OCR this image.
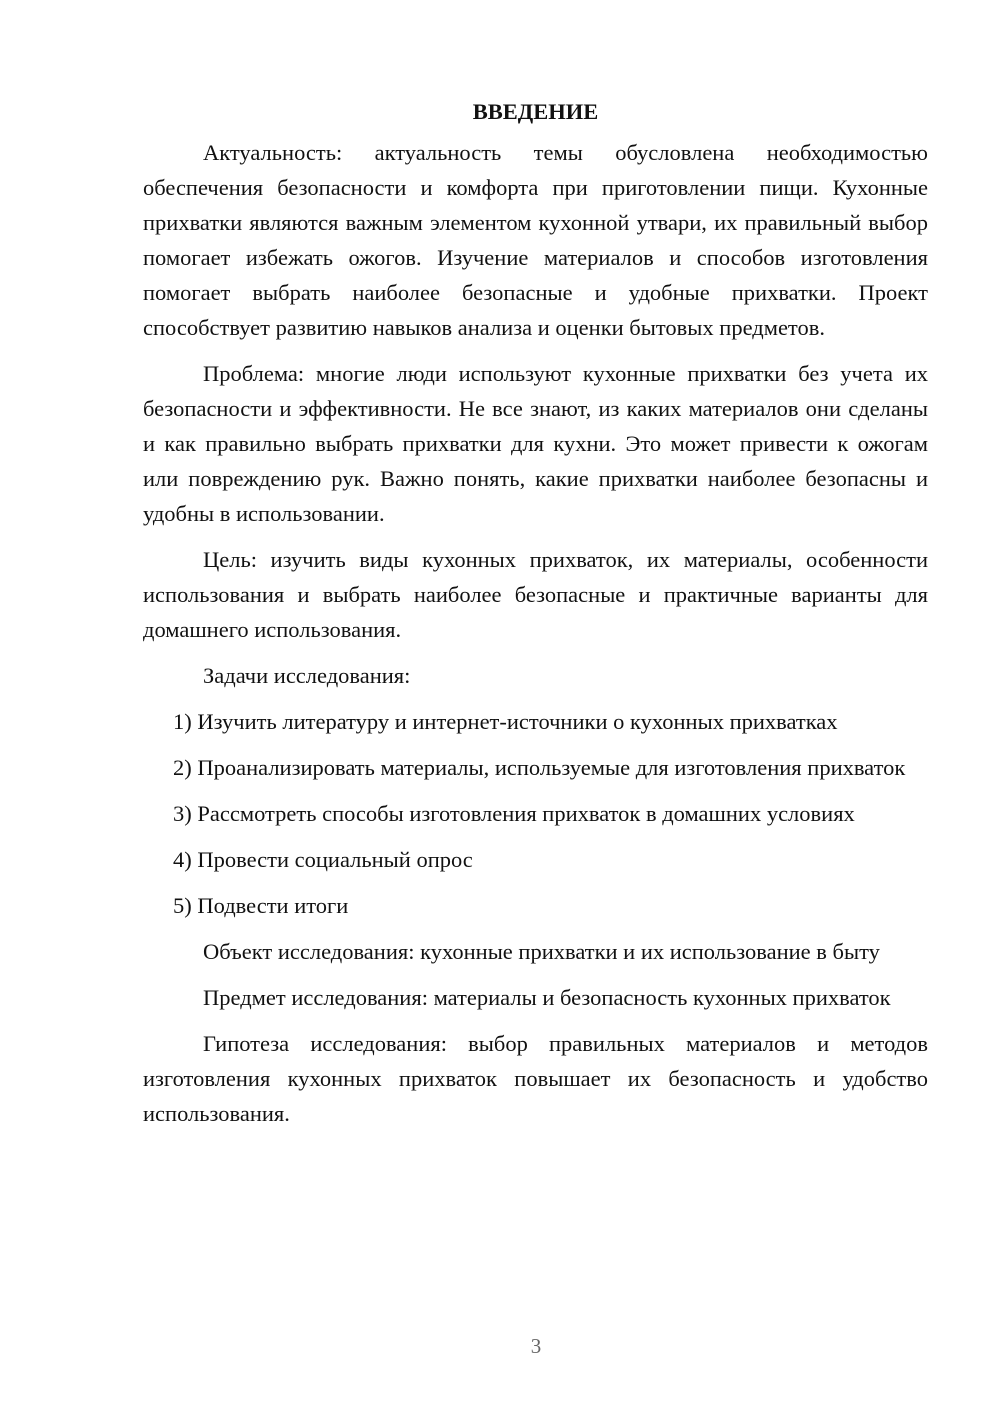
ВВЕДЕНИЕ

Актуальность: актуальность темы обусловлена необходимостью обеспечения безопасности и комфорта при приготовлении пищи. Кухонные прихватки являются важным элементом кухонной утвари, их правильный выбор помогает избежать ожогов. Изучение материалов и способов изготовления помогает выбрать наиболее безопасные и удобные прихватки. Проект способствует развитию навыков анализа и оценки бытовых предметов.

Проблема: многие люди используют кухонные прихватки без учета их безопасности и эффективности. Не все знают, из каких материалов они сделаны и как правильно выбрать прихватки для кухни. Это может привести к ожогам или повреждению рук. Важно понять, какие прихватки наиболее безопасны и удобны в использовании.

Цель: изучить виды кухонных прихваток, их материалы, особенности использования и выбрать наиболее безопасные и практичные варианты для домашнего использования.

Задачи исследования:

1) Изучить литературу и интернет-источники о кухонных прихватках

2) Проанализировать материалы, используемые для изготовления прихваток

3) Рассмотреть способы изготовления прихваток в домашних условиях

4) Провести социальный опрос

5) Подвести итоги

Объект исследования: кухонные прихватки и их использование в быту

Предмет исследования: материалы и безопасность кухонных прихваток

Гипотеза исследования: выбор правильных материалов и методов изготовления кухонных прихваток повышает их безопасность и удобство использования.

3
